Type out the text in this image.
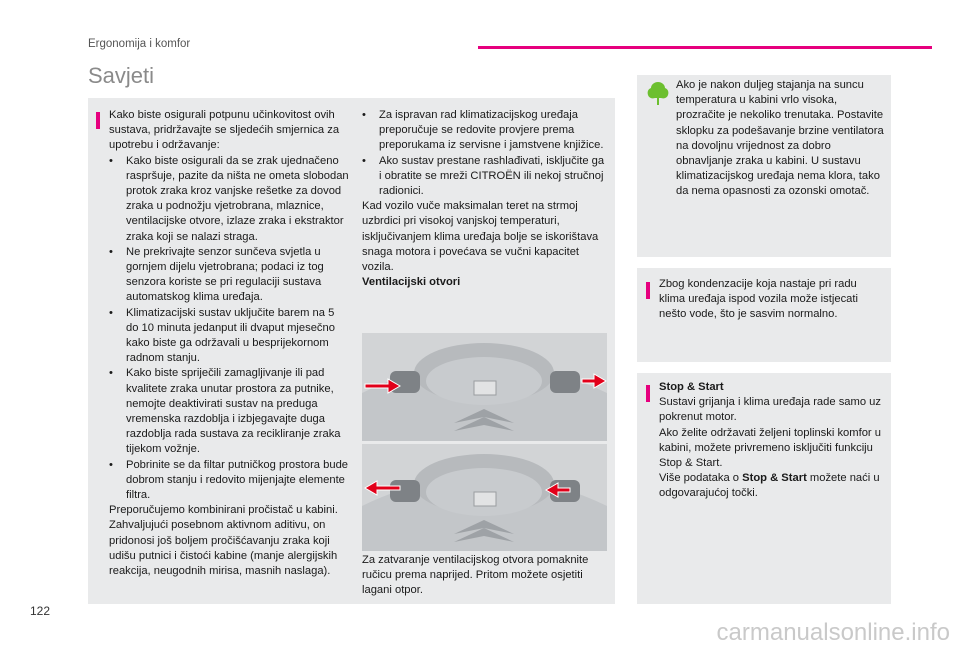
Ergonomija i komfor
Savjeti

Kako biste osigurali potpunu učinkovitost ovih sustava, pridržavajte se sljedećih smjernica za upotrebu i održavanje:

• Kako biste osigurali da se zrak ujednačeno raspršuje, pazite da ništa ne ometa slobodan protok zraka kroz vanjske rešetke za dovod zraka u podnožju vjetrobrana, mlaznice, ventilacijske otvore, izlaze zraka i ekstraktor zraka koji se nalazi straga.
• Ne prekrivajte senzor sunčeva svjetla u gornjem dijelu vjetrobrana; podaci iz tog senzora koriste se pri regulaciji sustava automatskog klima uređaja.
• Klimatizacijski sustav uključite barem na 5 do 10 minuta jedanput ili dvaput mjesečno kako biste ga održavali u besprijekornom radnom stanju.
• Kako biste spriječili zamagljivanje ili pad kvalitete zraka unutar prostora za putnike, nemojte deaktivirati sustav na preduga vremenska razdoblja i izbjegavajte duga razdoblja rada sustava za recikliranje zraka tijekom vožnje.
• Pobrinite se da filtar putničkog prostora bude dobrom stanju i redovito mijenjajte elemente filtra.

Preporučujemo kombinirani pročistač u kabini. Zahvaljujući posebnom aktivnom aditivu, on pridonosi još boljem pročišćavanju zraka koji udišu putnici i čistoći kabine (manje alergijskih reakcija, neugodnih mirisa, masnih naslaga).

• Za ispravan rad klimatizacijskog uređaja preporučuje se redovite provjere prema preporukama iz servisne i jamstvene knjižice.
• Ako sustav prestane rashlađivati, isključite ga i obratite se mreži CITROËN ili nekoj stručnoj radionici.

Kad vozilo vuče maksimalan teret na strmoj uzbrdici pri visokoj vanjskoj temperaturi, isključivanjem klima uređaja bolje se iskorištava snaga motora i povećava se vučni kapacitet vozila.

Ventilacijski otvori

Za zatvaranje ventilacijskog otvora pomaknite ručicu prema naprijed. Pritom možete osjetiti lagani otpor.

Ako je nakon duljeg stajanja na suncu temperatura u kabini vrlo visoka, prozračite je nekoliko trenutaka. Postavite sklopku za podešavanje brzine ventilatora na dovoljnu vrijednost za dobro obnavljanje zraka u kabini. U sustavu klimatizacijskog uređaja nema klora, tako da nema opasnosti za ozonski omotač.

Zbog kondenzacije koja nastaje pri radu klima uređaja ispod vozila može istjecati nešto vode, što je sasvim normalno.

Stop & Start

Sustavi grijanja i klima uređaja rade samo uz pokrenut motor.

Ako želite održavati željeni toplinski komfor u kabini, možete privremeno isključiti funkciju Stop & Start.

Više podataka o Stop & Start možete naći u odgovarajućoj točki.

122
carmanualsonline.info
